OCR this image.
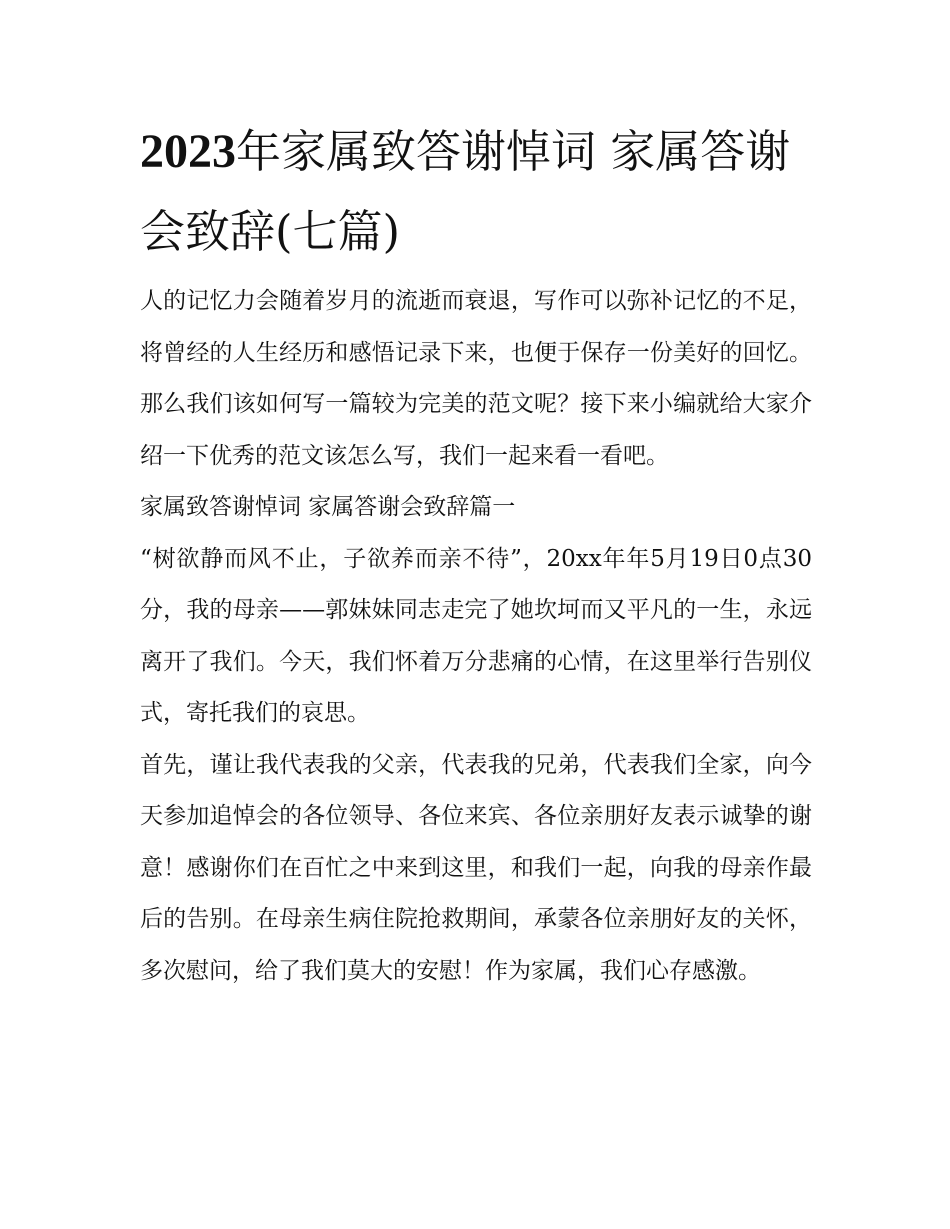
2023年家属致答谢悼词 家属答谢会致辞(七篇)

人的记忆力会随着岁月的流逝而衰退，写作可以弥补记忆的不足，将曾经的人生经历和感悟记录下来，也便于保存一份美好的回忆。那么我们该如何写一篇较为完美的范文呢？接下来小编就给大家介绍一下优秀的范文该怎么写，我们一起来看一看吧。

家属致答谢悼词 家属答谢会致辞篇一

“树欲静而风不止，子欲养而亲不待”，20xx年年5月19日0点30分，我的母亲——郭妹妹同志走完了她坎坷而又平凡的一生，永远离开了我们。今天，我们怀着万分悲痛的心情，在这里举行告别仪式，寄托我们的哀思。

首先，谨让我代表我的父亲，代表我的兄弟，代表我们全家，向今天参加追悼会的各位领导、各位来宾、各位亲朋好友表示诚挚的谢意！感谢你们在百忙之中来到这里，和我们一起，向我的母亲作最后的告别。在母亲生病住院抢救期间，承蒙各位亲朋好友的关怀，多次慰问，给了我们莫大的安慰！作为家属，我们心存感激。
